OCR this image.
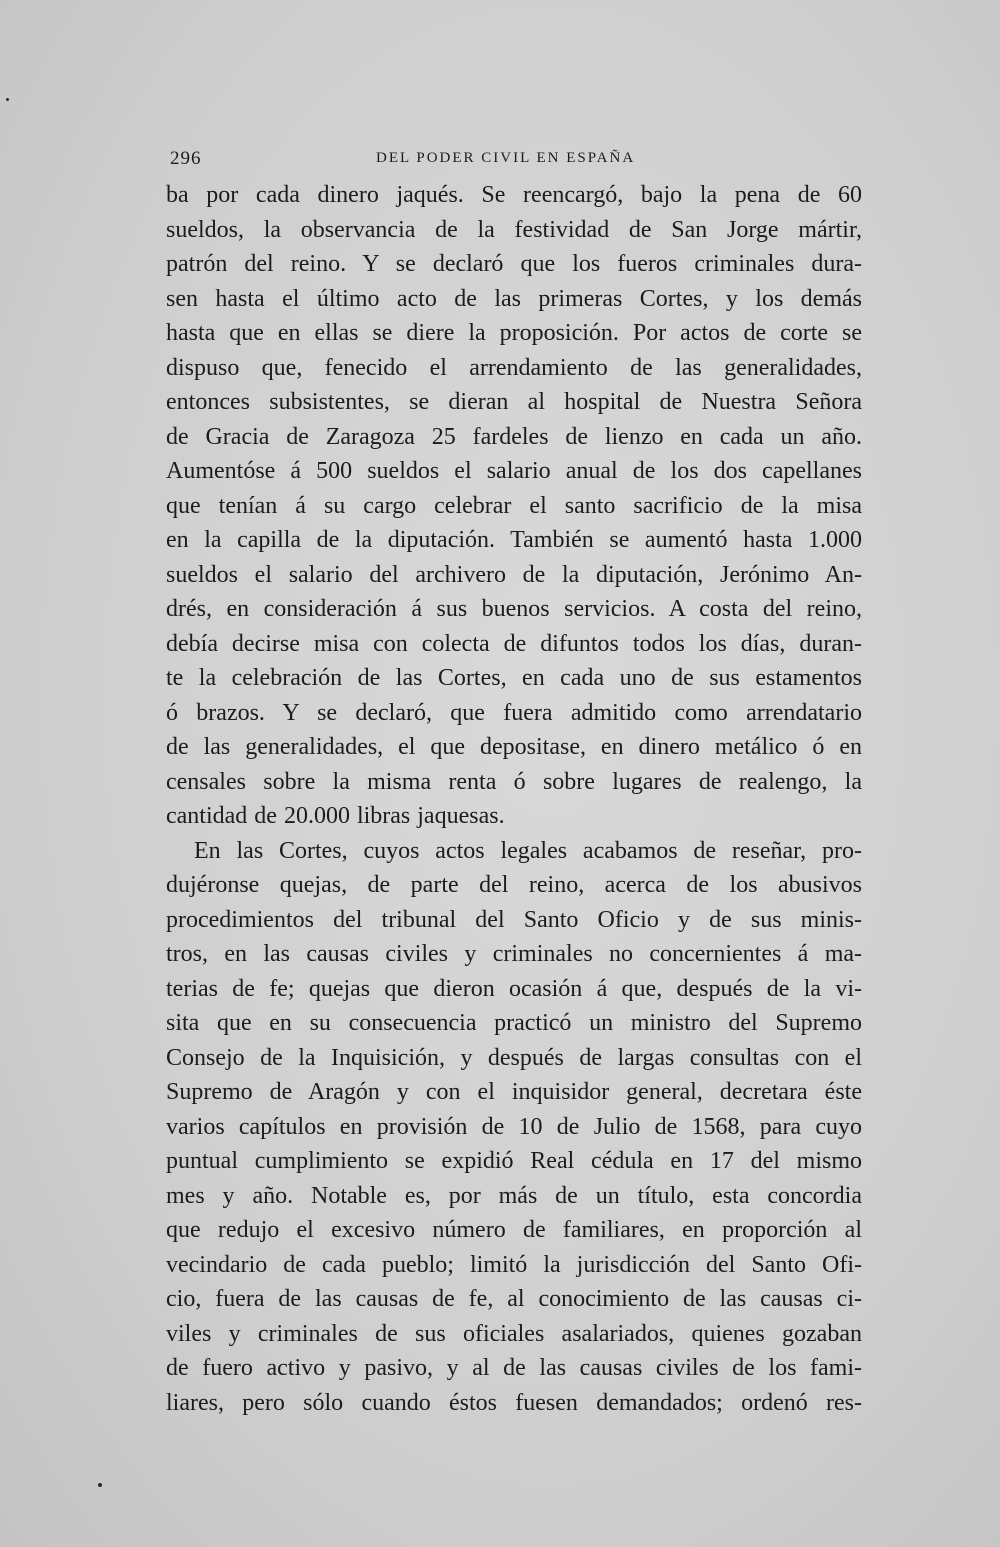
296	DEL PODER CIVIL EN ESPAÑA
ba por cada dinero jaqués. Se reencargó, bajo la pena de 60
sueldos, la observancia de la festividad de San Jorge mártir,
patrón del reino. Y se declaró que los fueros criminales dura-
sen hasta el último acto de las primeras Cortes, y los demás
hasta que en ellas se diere la proposición. Por actos de corte se
dispuso que, fenecido el arrendamiento de las generalidades,
entonces subsistentes, se dieran al hospital de Nuestra Señora
de Gracia de Zaragoza 25 fardeles de lienzo en cada un año.
Aumentóse á 500 sueldos el salario anual de los dos capellanes
que tenían á su cargo celebrar el santo sacrificio de la misa
en la capilla de la diputación. También se aumentó hasta 1.000
sueldos el salario del archivero de la diputación, Jerónimo An-
drés, en consideración á sus buenos servicios. A costa del reino,
debía decirse misa con colecta de difuntos todos los días, duran-
te la celebración de las Cortes, en cada uno de sus estamentos
ó brazos. Y se declaró, que fuera admitido como arrendatario
de las generalidades, el que depositase, en dinero metálico ó en
censales sobre la misma renta ó sobre lugares de realengo, la
cantidad de 20.000 libras jaquesas.
En las Cortes, cuyos actos legales acabamos de reseñar, pro-
dujéronse quejas, de parte del reino, acerca de los abusivos
procedimientos del tribunal del Santo Oficio y de sus minis-
tros, en las causas civiles y criminales no concernientes á ma-
terias de fe; quejas que dieron ocasión á que, después de la vi-
sita que en su consecuencia practicó un ministro del Supremo
Consejo de la Inquisición, y después de largas consultas con el
Supremo de Aragón y con el inquisidor general, decretara éste
varios capítulos en provisión de 10 de Julio de 1568, para cuyo
puntual cumplimiento se expidió Real cédula en 17 del mismo
mes y año. Notable es, por más de un título, esta concordia
que redujo el excesivo número de familiares, en proporción al
vecindario de cada pueblo; limitó la jurisdicción del Santo Ofi-
cio, fuera de las causas de fe, al conocimiento de las causas ci-
viles y criminales de sus oficiales asalariados, quienes gozaban
de fuero activo y pasivo, y al de las causas civiles de los fami-
liares, pero sólo cuando éstos fuesen demandados; ordenó res-
